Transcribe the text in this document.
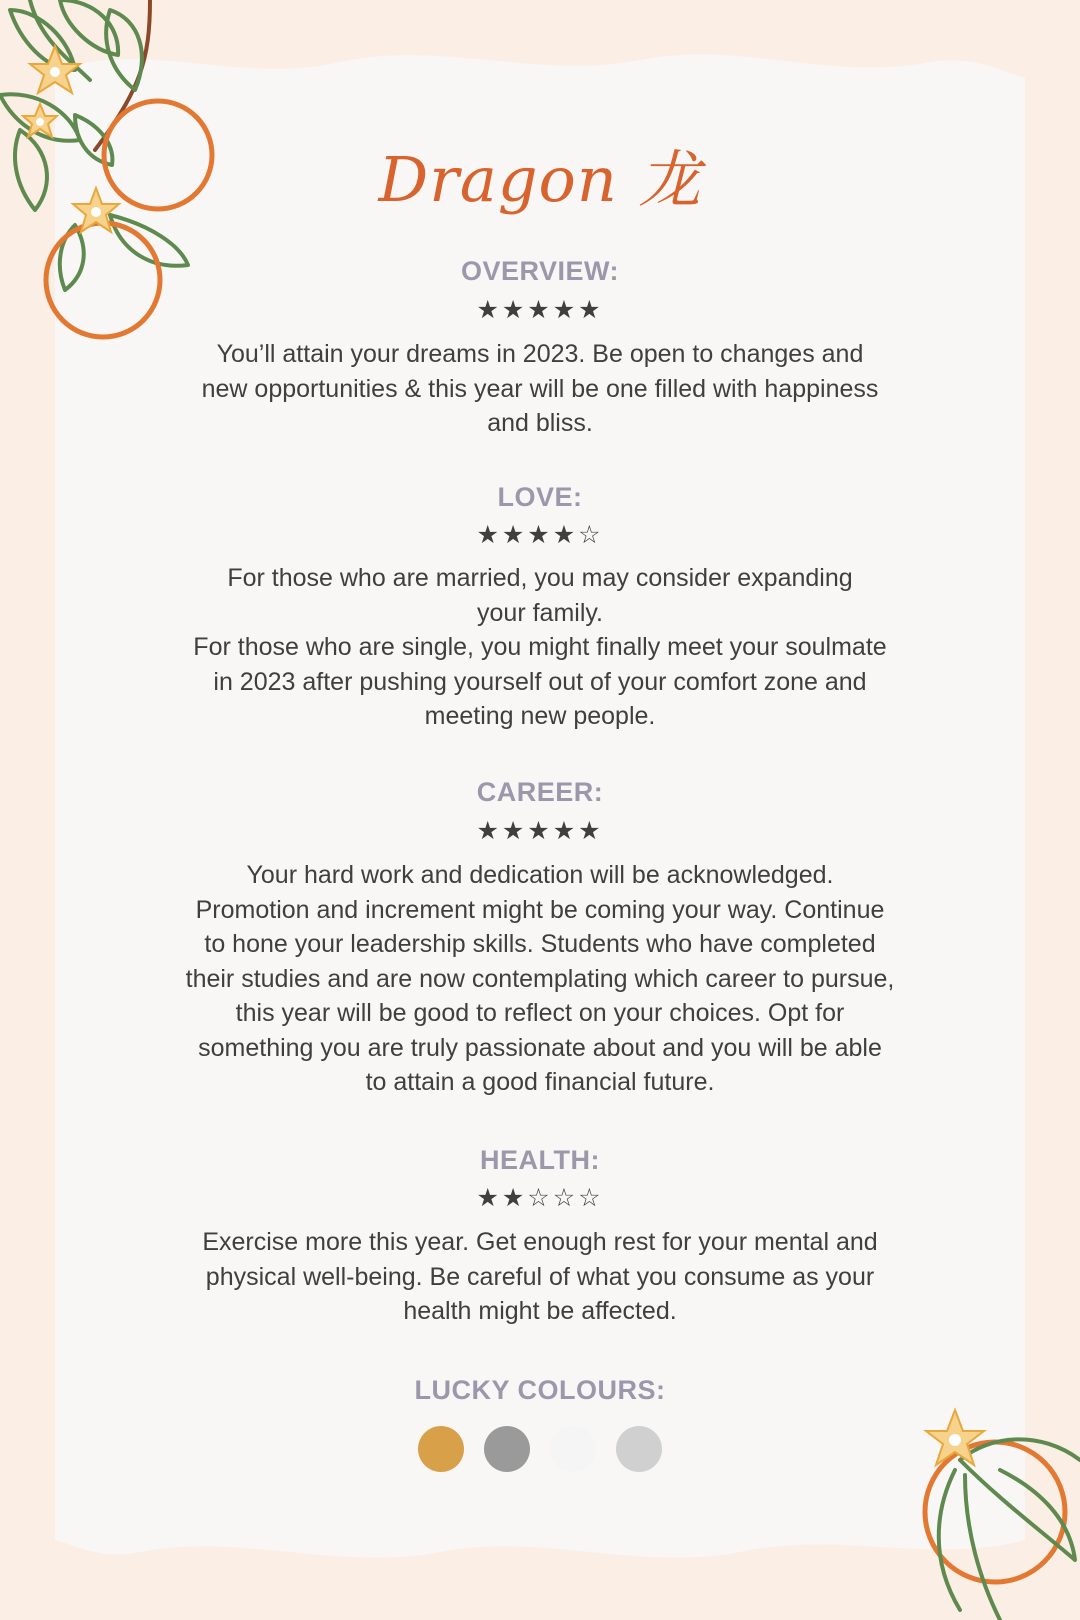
Dragon 龙
OVERVIEW:
★★★★★
You’ll attain your dreams in 2023. Be open to changes and
new opportunities & this year will be one filled with happiness
and bliss.
LOVE:
★★★★☆
For those who are married, you may consider expanding
your family.
For those who are single, you might finally meet your soulmate
in 2023 after pushing yourself out of your comfort zone and
meeting new people.
CAREER:
★★★★★
Your hard work and dedication will be acknowledged.
Promotion and increment might be coming your way. Continue
to hone your leadership skills. Students who have completed
their studies and are now contemplating which career to pursue,
this year will be good to reflect on your choices. Opt for
something you are truly passionate about and you will be able
to attain a good financial future.
HEALTH:
★★☆☆☆
Exercise more this year. Get enough rest for your mental and
physical well-being. Be careful of what you consume as your
health might be affected.
LUCKY COLOURS:
